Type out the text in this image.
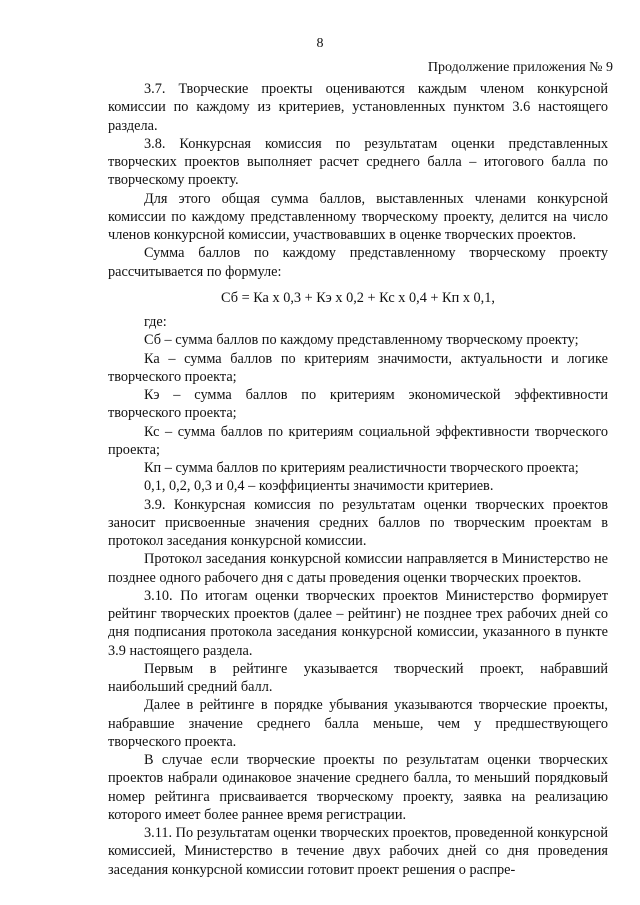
8
Продолжение приложения № 9

3.7. Творческие проекты оцениваются каждым членом конкурсной комиссии по каждому из критериев, установленных пунктом 3.6 настоящего раздела.

3.8. Конкурсная комиссия по результатам оценки представленных творческих проектов выполняет расчет среднего балла – итогового балла по творческому проекту.

Для этого общая сумма баллов, выставленных членами конкурсной комиссии по каждому представленному творческому проекту, делится на число членов конкурсной комиссии, участвовавших в оценке творческих проектов.

Сумма баллов по каждому представленному творческому проекту рассчитывается по формуле:

Сб = Ка х 0,3 + Кэ х 0,2 + Кс х 0,4 + Кп х 0,1,

где:

Сб – сумма баллов по каждому представленному творческому проекту;

Ка – сумма баллов по критериям значимости, актуальности и логике творческого проекта;

Кэ – сумма баллов по критериям экономической эффективности творческого проекта;

Кс – сумма баллов по критериям социальной эффективности творческого проекта;

Кп – сумма баллов по критериям реалистичности творческого проекта;

0,1, 0,2, 0,3 и 0,4 – коэффициенты значимости критериев.

3.9. Конкурсная комиссия по результатам оценки творческих проектов заносит присвоенные значения средних баллов по творческим проектам в протокол заседания конкурсной комиссии.

Протокол заседания конкурсной комиссии направляется в Министерство не позднее одного рабочего дня с даты проведения оценки творческих проектов.

3.10. По итогам оценки творческих проектов Министерство формирует рейтинг творческих проектов (далее – рейтинг) не позднее трех рабочих дней со дня подписания протокола заседания конкурсной комиссии, указанного в пункте 3.9 настоящего раздела.

Первым в рейтинге указывается творческий проект, набравший наибольший средний балл.

Далее в рейтинге в порядке убывания указываются творческие проекты, набравшие значение среднего балла меньше, чем у предшествующего творческого проекта.

В случае если творческие проекты по результатам оценки творческих проектов набрали одинаковое значение среднего балла, то меньший порядковый номер рейтинга присваивается творческому проекту, заявка на реализацию которого имеет более раннее время регистрации.

3.11. По результатам оценки творческих проектов, проведенной конкурсной комиссией, Министерство в течение двух рабочих дней со дня проведения заседания конкурсной комиссии готовит проект решения о распре-
